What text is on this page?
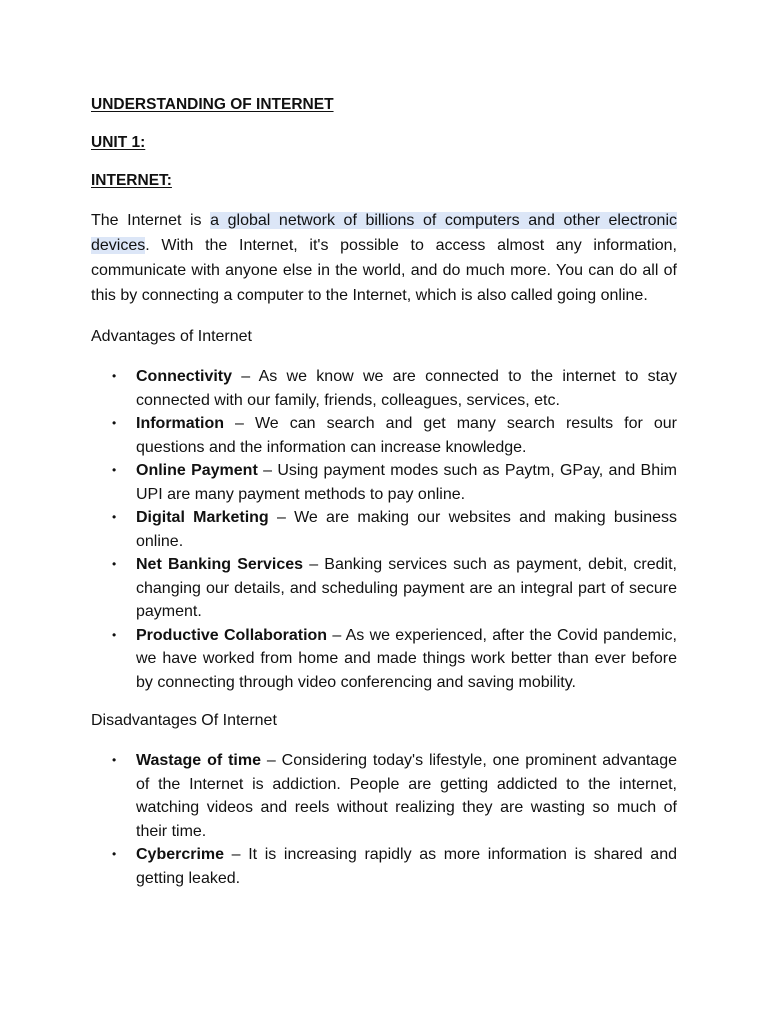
UNDERSTANDING OF INTERNET
UNIT 1:
INTERNET:

The Internet is a global network of billions of computers and other electronic devices. With the Internet, it's possible to access almost any information, communicate with anyone else in the world, and do much more. You can do all of this by connecting a computer to the Internet, which is also called going online.

Advantages of Internet
• Connectivity – As we know we are connected to the internet to stay connected with our family, friends, colleagues, services, etc.
• Information – We can search and get many search results for our questions and the information can increase knowledge.
• Online Payment – Using payment modes such as Paytm, GPay, and Bhim UPI are many payment methods to pay online.
• Digital Marketing – We are making our websites and making business online.
• Net Banking Services – Banking services such as payment, debit, credit, changing our details, and scheduling payment are an integral part of secure payment.
• Productive Collaboration – As we experienced, after the Covid pandemic, we have worked from home and made things work better than ever before by connecting through video conferencing and saving mobility.
Disadvantages Of Internet
• Wastage of time – Considering today's lifestyle, one prominent advantage of the Internet is addiction. People are getting addicted to the internet, watching videos and reels without realizing they are wasting so much of their time.
• Cybercrime – It is increasing rapidly as more information is shared and getting leaked.
